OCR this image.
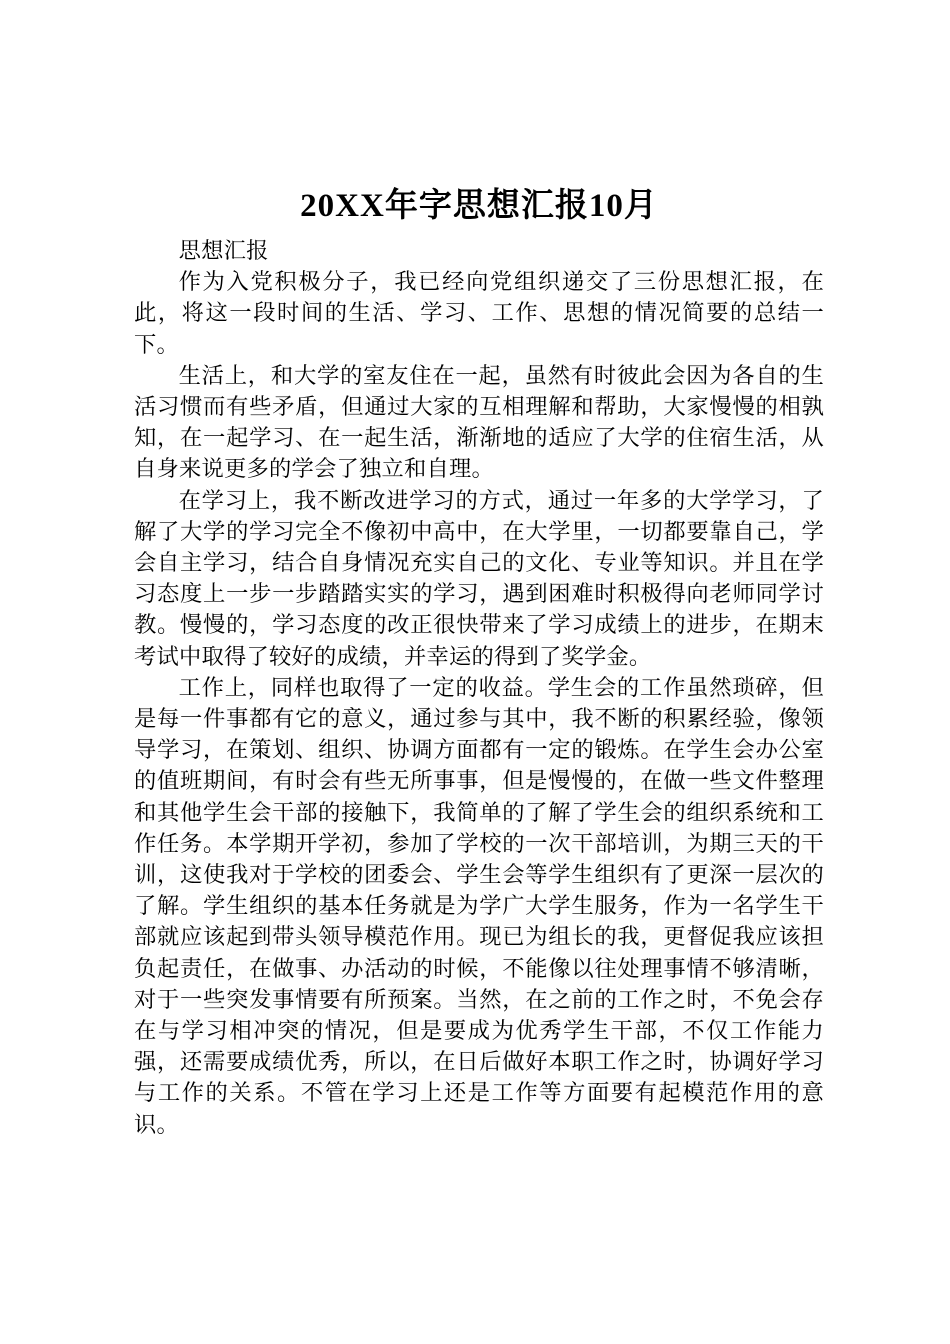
20XX年字思想汇报10月

思想汇报

作为入党积极分子，我已经向党组织递交了三份思想汇报，在此，将这一段时间的生活、学习、工作、思想的情况简要的总结一下。

生活上，和大学的室友住在一起，虽然有时彼此会因为各自的生活习惯而有些矛盾，但通过大家的互相理解和帮助，大家慢慢的相孰知，在一起学习、在一起生活，渐渐地的适应了大学的住宿生活，从自身来说更多的学会了独立和自理。

在学习上，我不断改进学习的方式，通过一年多的大学学习，了解了大学的学习完全不像初中高中，在大学里，一切都要靠自己，学会自主学习，结合自身情况充实自己的文化、专业等知识。并且在学习态度上一步一步踏踏实实的学习，遇到困难时积极得向老师同学讨教。慢慢的，学习态度的改正很快带来了学习成绩上的进步，在期末考试中取得了较好的成绩，并幸运的得到了奖学金。

工作上，同样也取得了一定的收益。学生会的工作虽然琐碎，但是每一件事都有它的意义，通过参与其中，我不断的积累经验，像领导学习，在策划、组织、协调方面都有一定的锻炼。在学生会办公室的值班期间，有时会有些无所事事，但是慢慢的，在做一些文件整理和其他学生会干部的接触下，我简单的了解了学生会的组织系统和工作任务。本学期开学初，参加了学校的一次干部培训，为期三天的干训，这使我对于学校的团委会、学生会等学生组织有了更深一层次的了解。学生组织的基本任务就是为学广大学生服务，作为一名学生干部就应该起到带头领导模范作用。现已为组长的我，更督促我应该担负起责任，在做事、办活动的时候，不能像以往处理事情不够清晰，对于一些突发事情要有所预案。当然，在之前的工作之时，不免会存在与学习相冲突的情况，但是要成为优秀学生干部，不仅工作能力强，还需要成绩优秀，所以，在日后做好本职工作之时，协调好学习与工作的关系。不管在学习上还是工作等方面要有起模范作用的意识。
